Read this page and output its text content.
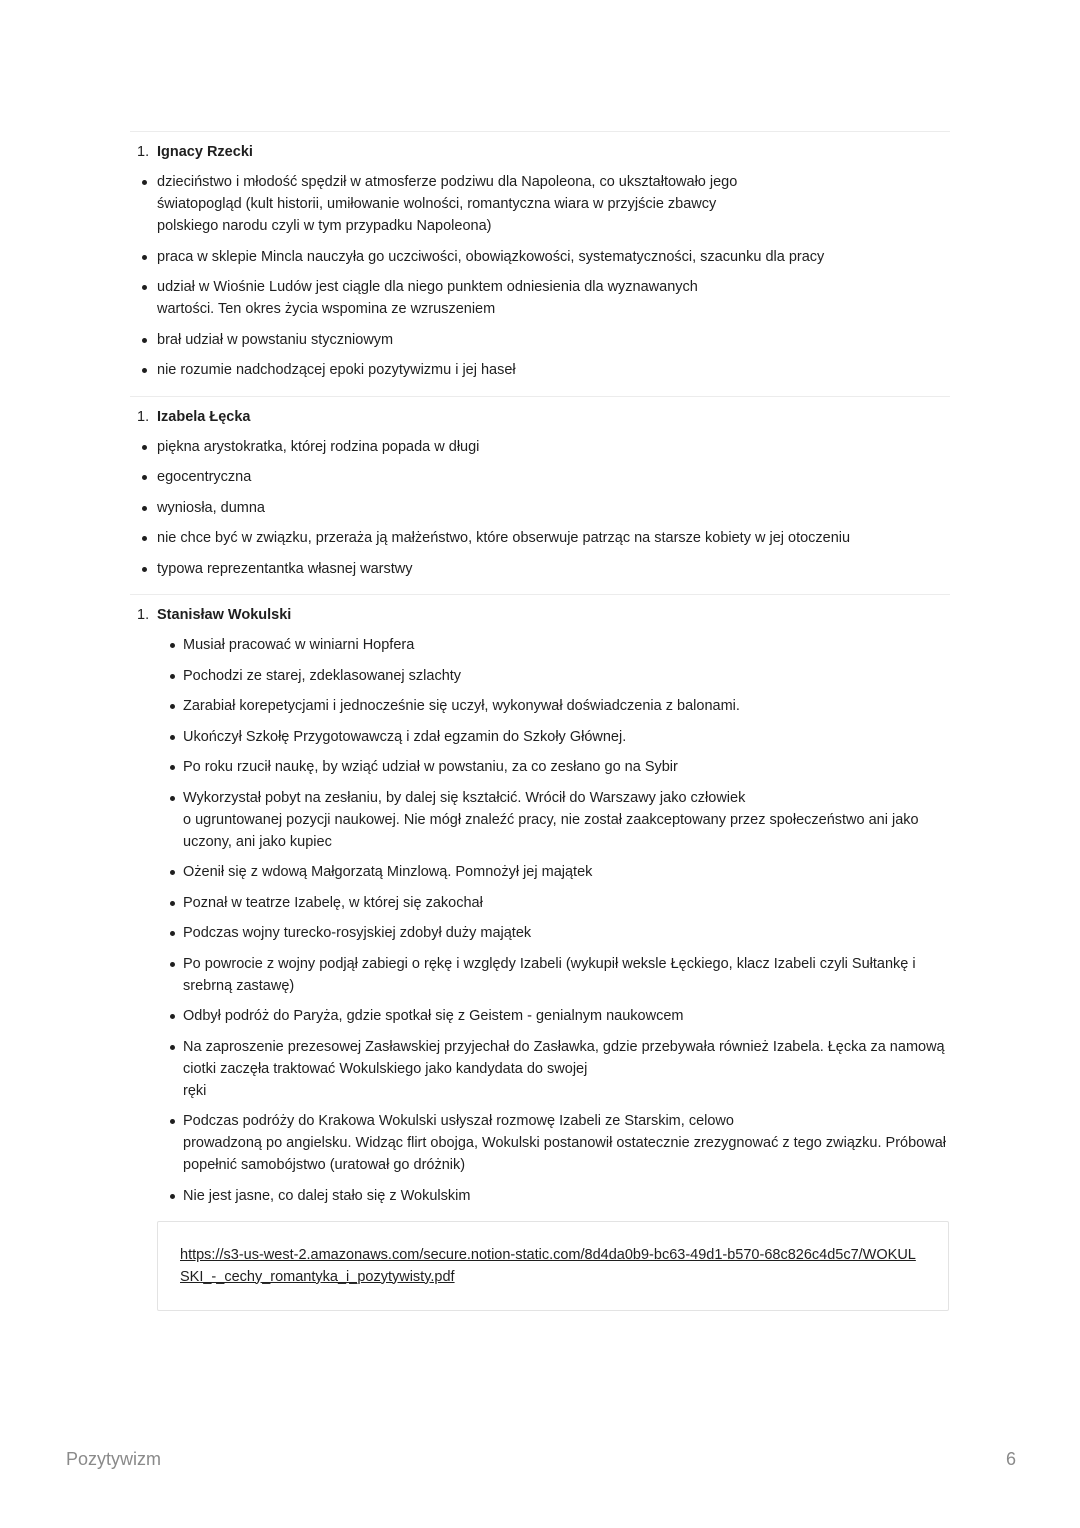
1. Ignacy Rzecki
dzieciństwo i młodość spędził w atmosferze podziwu dla Napoleona, co ukształtowało jego
światopogląd (kult historii, umiłowanie wolności, romantyczna wiara w przyjście zbawcy
polskiego narodu czyli w tym przypadku Napoleona)
praca w sklepie Mincla nauczyła go uczciwości, obowiązkowości, systematyczności, szacunku dla pracy
udział w Wiośnie Ludów jest ciągle dla niego punktem odniesienia dla wyznawanych
wartości. Ten okres życia wspomina ze wzruszeniem
brał udział w powstaniu styczniowym
nie rozumie nadchodzącej epoki pozytywizmu i jej haseł
1. Izabela Łęcka
piękna arystokratka, której rodzina popada w długi
egocentryczna
wyniosła, dumna
nie chce być w związku, przeraża ją małżeństwo, które obserwuje patrząc na starsze kobiety w jej otoczeniu
typowa reprezentantka własnej warstwy
1. Stanisław Wokulski
Musiał pracować w winiarni Hopfera
Pochodzi ze starej, zdeklasowanej szlachty
Zarabiał korepetycjami i jednocześnie się uczył, wykonywał doświadczenia z balonami.
Ukończył Szkołę Przygotowawczą i zdał egzamin do Szkoły Głównej.
Po roku rzucił naukę, by wziąć udział w powstaniu, za co zesłano go na Sybir
Wykorzystał pobyt na zesłaniu, by dalej się kształcić. Wrócił do Warszawy jako człowiek
o ugruntowanej pozycji naukowej. Nie mógł znaleźć pracy, nie został zaakceptowany przez społeczeństwo ani jako
uczony, ani jako kupiec
Ożenił się z wdową Małgorzatą Minzlową. Pomnożył jej majątek
Poznał w teatrze Izabelę, w której się zakochał
Podczas wojny turecko-rosyjskiej zdobył duży majątek
Po powrocie z wojny podjął zabiegi o rękę i względy Izabeli (wykupił weksle Łęckiego, klacz Izabeli czyli Sułtankę i
srebrną zastawę)
Odbył podróż do Paryża, gdzie spotkał się z Geistem - genialnym naukowcem
Na zaproszenie prezesowej Zasławskiej przyjechał do Zasławka, gdzie przebywała również Izabela. Łęcka za namową
ciotki zaczęła traktować Wokulskiego jako kandydata do swojej
ręki
Podczas podróży do Krakowa Wokulski usłyszał rozmowę Izabeli ze Starskim, celowo
prowadzoną po angielsku. Widząc flirt obojga, Wokulski postanowił ostatecznie zrezygnować z tego związku. Próbował
popełnić samobójstwo (uratował go dróżnik)
Nie jest jasne, co dalej stało się z Wokulskim
https://s3-us-west-2.amazonaws.com/secure.notion-static.com/8d4da0b9-bc63-49d1-b570-68c826c4d5c7/WOKUL
SKI_-_cechy_romantyka_i_pozytywisty.pdf
Pozytywizm	6
